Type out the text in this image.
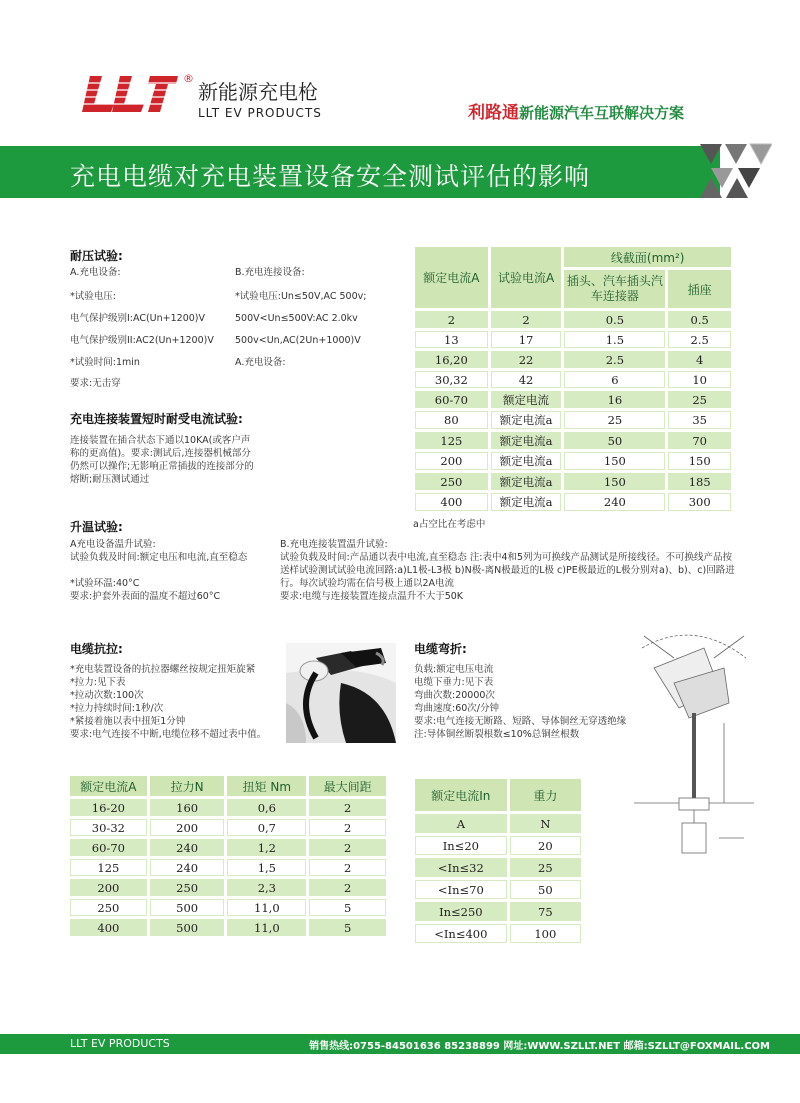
®
新能源充电枪
LLT EV PRODUCTS	利路通新能源汽车互联解决方案
充电电缆对充电装置设备安全测试评估的影响
耐压试验:
A.充电设备:
*试验电压:
电气保护级别I:AC(Un+1200)V
电气保护级别II:AC2(Un+1200)V
*试验时间:1min
要求:无击穿
B.充电连接设备:
*试验电压:Un≤50V,AC 500v;
500V<Un≤500V:AC 2.0kv
500v<Un,AC(2Un+1000)V
A.充电设备:
充电连接装置短时耐受电流试验:
连接装置在插合状态下通以10KA(或客户声称的更高值)。要求:测试后,连接器机械部分仍然可以操作;无影响正常插拔的连接部分的熔断;耐压测试通过
额定电流A	试验电流A	线截面(mm²)	
		插头、汽车插头汽车连接器	插座
2	2	0.5	0.5
13	17	1.5	2.5
16,20	22	2.5	4
30,32	42	6	10
60-70	额定电流	16	25
80	额定电流a	25	35
125	额定电流a	50	70
200	额定电流a	150	150
250	额定电流a	150	185
400	额定电流a	240	300
a占空比在考虑中
升温试验:
A充电设备温升试验:
试验负载及时间:额定电压和电流,直至稳态
*试验环温:40°C
要求:护套外表面的温度不超过60°C
B.充电连接装置温升试验:
试验负载及时间:产品通以表中电流,直至稳态 注:表中4和5列为可换线产品测试是所接线径。不可换线产品按送样试验测试试验电流回路:a)L1极-L3极 b)N极-离N极最近的L极 c)PE极最近的L极分别对a)、b)、c)回路进行。每次试验均需在信号极上通以2A电流
要求:电缆与连接装置连接点温升不大于50K
电缆抗拉:
*充电装置设备的抗拉器螺丝按规定扭矩旋紧
*拉力:见下表
*拉动次数:100次
*拉力持续时间:1秒/次
*紧接着施以表中扭矩1分钟
要求:电气连接不中断,电缆位移不超过表中值。
额定电流A	拉力N	扭矩 Nm	最大间距
16-20	160	0,6	2
30-32	200	0,7	2
60-70	240	1,2	2
125	240	1,5	2
200	250	2,3	2
250	500	11,0	5
400	500	11,0	5
电缆弯折:
负载:额定电压电流
电缆下垂力:见下表
弯曲次数:20000次
弯曲速度:60次/分钟
要求:电气连接无断路、短路、导体铜丝无穿透绝缘
注:导体铜丝断裂根数≤10%总铜丝根数
额定电流In	重力
A	N
In≤20	20
<In≤32	25
<In≤70	50
In≤250	75
<In≤400	100
LLT EV PRODUCTS	销售热线:0755-84501636 85238899 网址:WWW.SZLLT.NET 邮箱:SZLLT@FOXMAIL.COM
